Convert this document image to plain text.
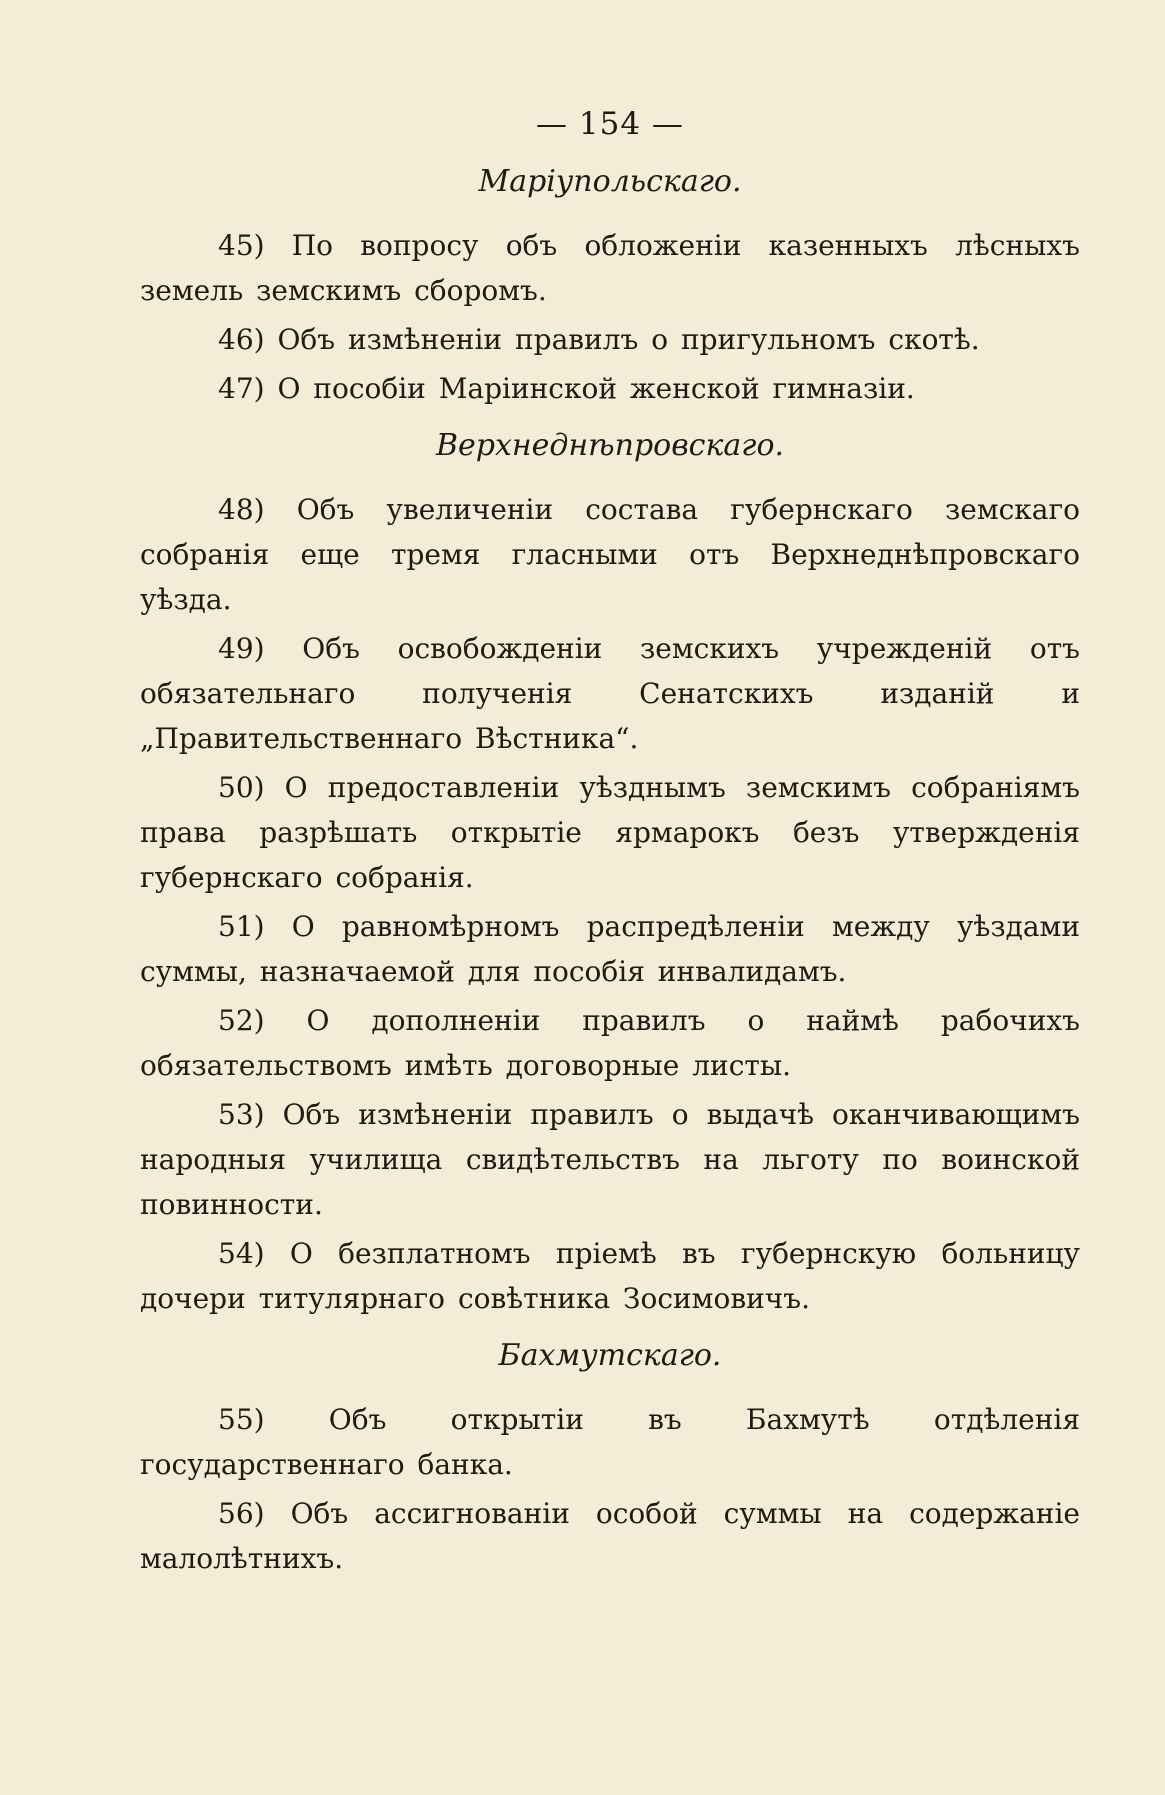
— 154 —
Маріупольскаго.

45) По вопросу объ обложеніи казенныхъ лѣсныхъ земель земскимъ сборомъ.

46) Объ измѣненіи правилъ о пригульномъ скотѣ.

47) О пособіи Маріинской женской гимназіи.

Верхнеднѣпровскаго.

48) Объ увеличеніи состава губернскаго земскаго собранія еще тремя гласными отъ Верхнеднѣпровскаго уѣзда.

49) Объ освобожденіи земскихъ учрежденій отъ обязательнаго полученія Сенатскихъ изданій и „Правительственнаго Вѣстника“.

50) О предоставленіи уѣзднымъ земскимъ собраніямъ права разрѣшать открытіе ярмарокъ безъ утвержденія губернскаго собранія.

51) О равномѣрномъ распредѣленіи между уѣздами суммы, назначаемой для пособія инвалидамъ.

52) О дополненіи правилъ о наймѣ рабочихъ обязательствомъ имѣть договорные листы.

53) Объ измѣненіи правилъ о выдачѣ оканчивающимъ народныя училища свидѣтельствъ на льготу по воинской повинности.

54) О безплатномъ пріемѣ въ губернскую больницу дочери титулярнаго совѣтника Зосимовичъ.

Бахмутскаго.

55) Объ открытіи въ Бахмутѣ отдѣленія государственнаго банка.

56) Объ ассигнованіи особой суммы на содержаніе малолѣтнихъ.
